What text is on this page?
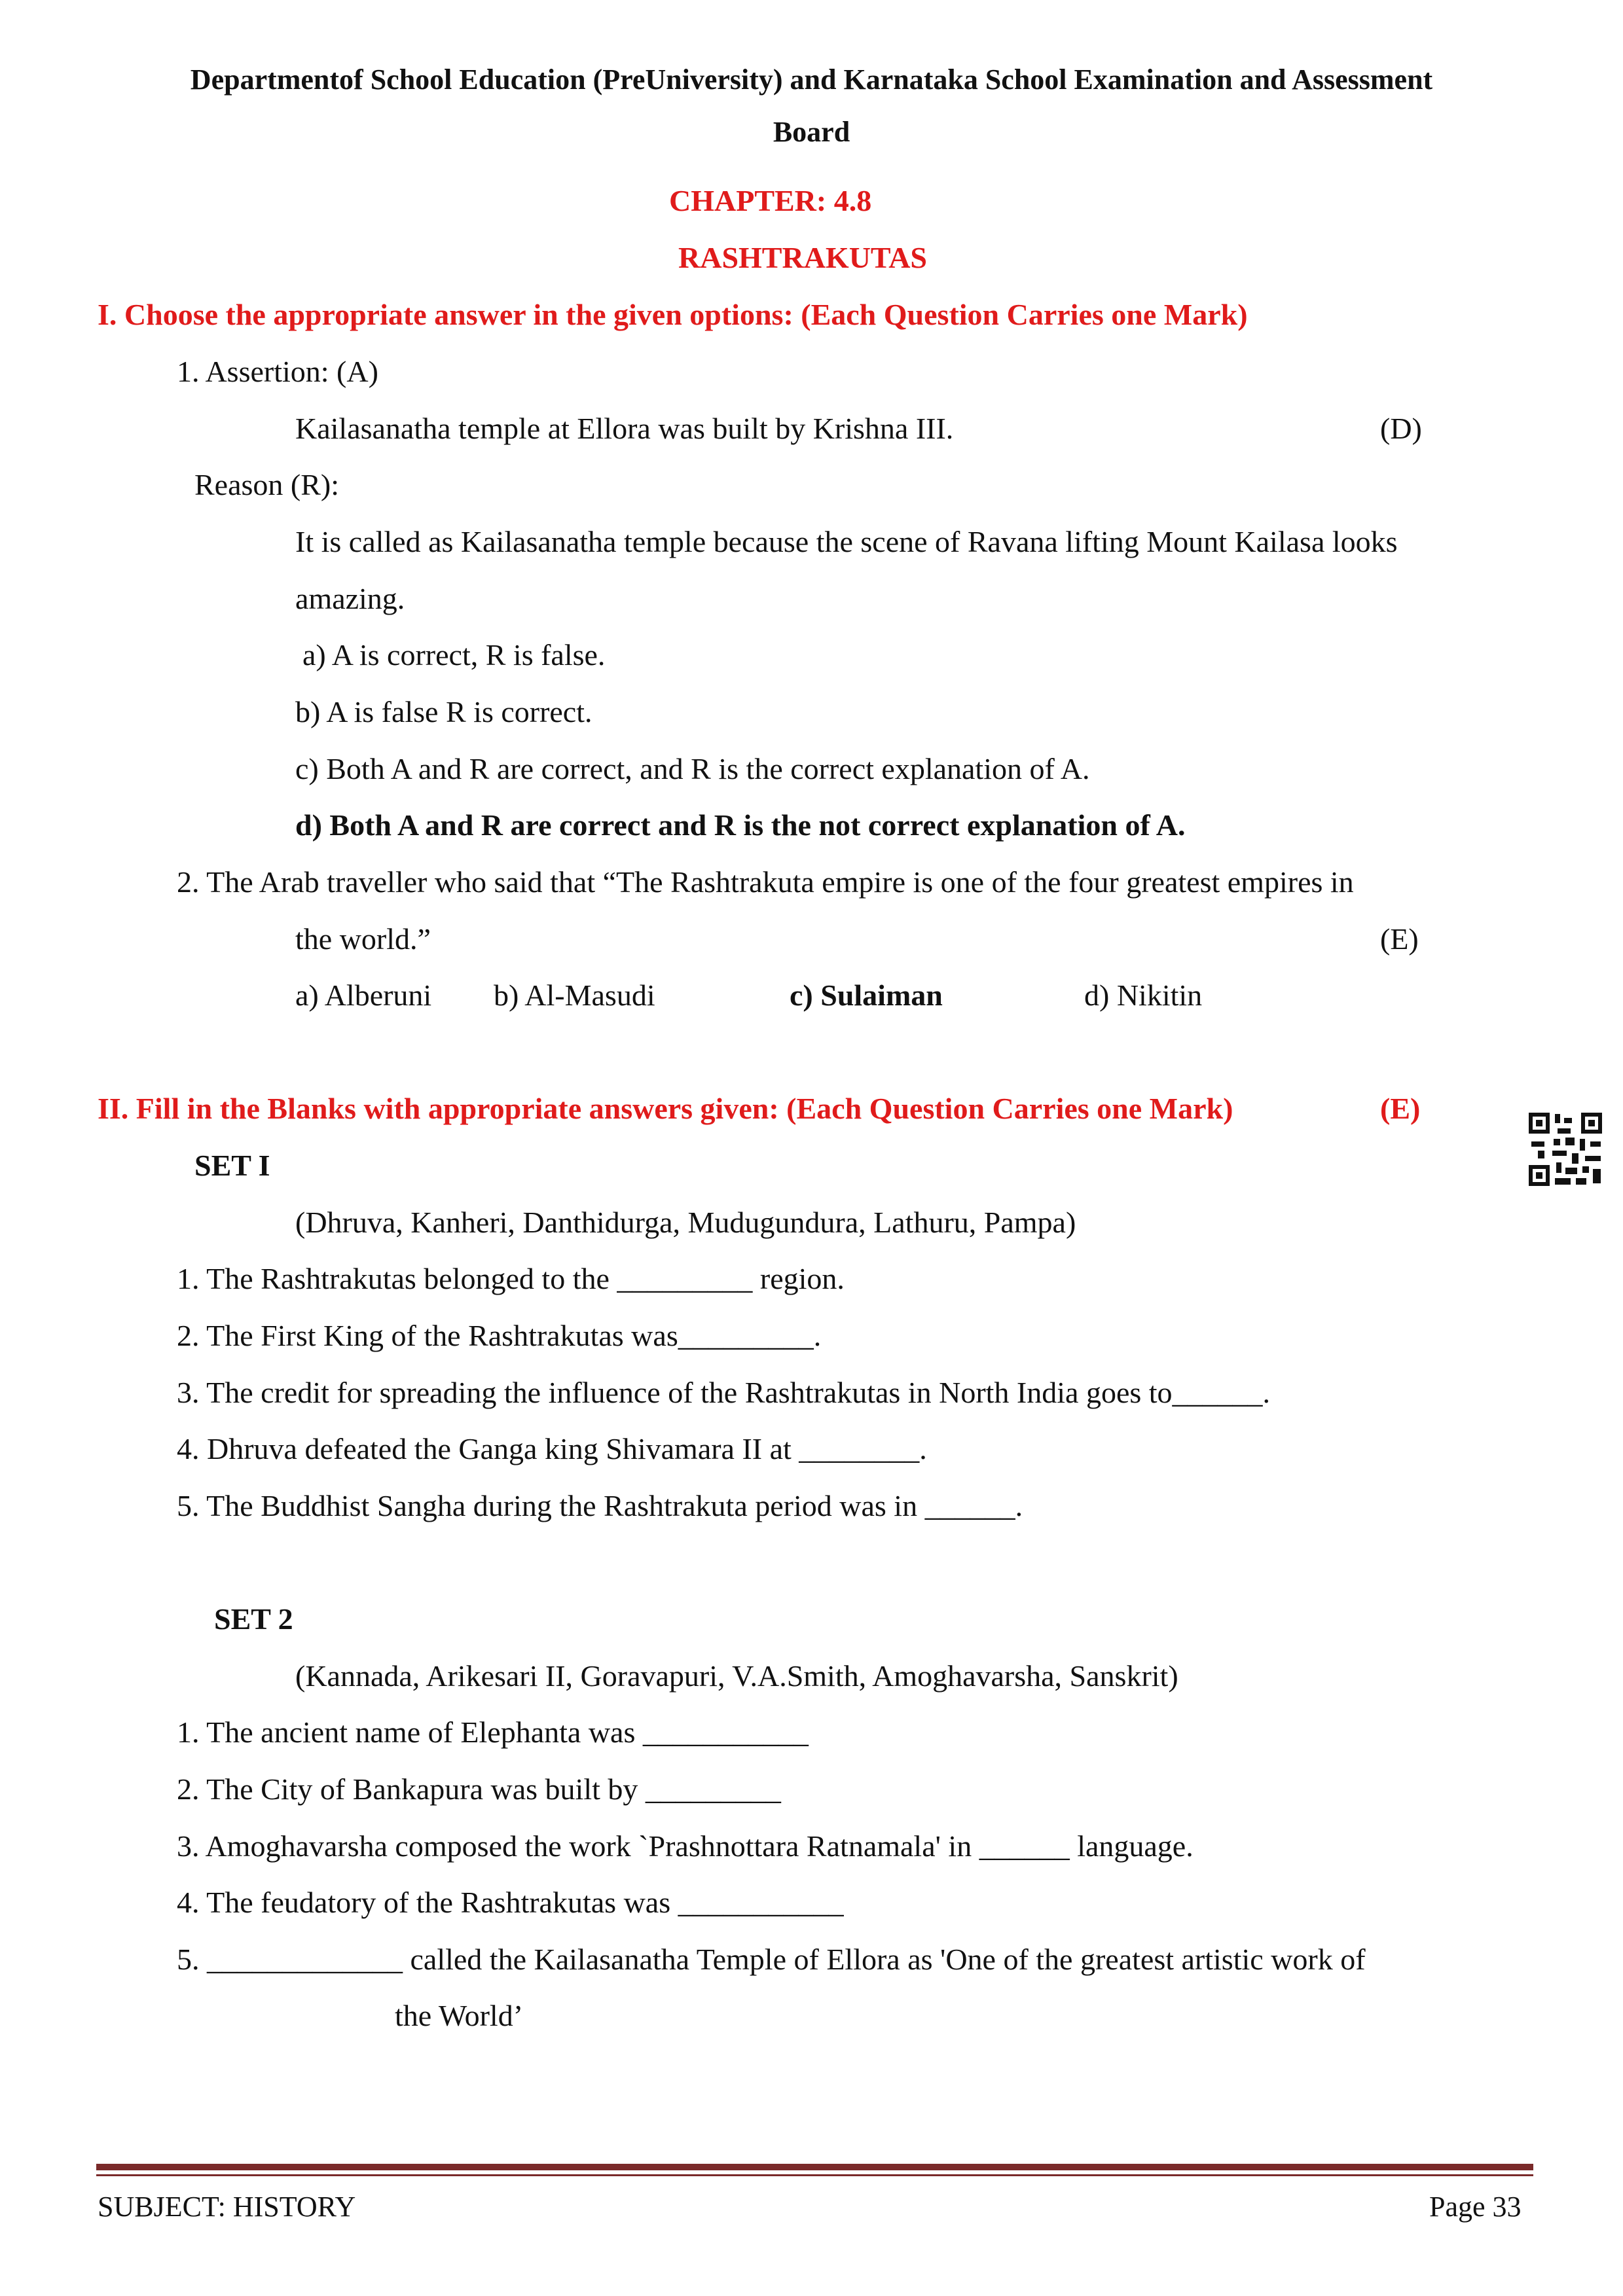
Departmentof School Education (PreUniversity) and Karnataka School Examination and Assessment
Board
CHAPTER: 4.8
RASHTRAKUTAS
I. Choose the appropriate answer in the given options: (Each Question Carries one Mark)
1. Assertion: (A)
Kailasanatha temple at Ellora was built by Krishna III.	(D)
Reason (R):
It is called as Kailasanatha temple because the scene of Ravana lifting Mount Kailasa looks
amazing.
a) A is correct, R is false.
b) A is false R is correct.
c) Both A and R are correct, and R is the correct explanation of A.
d) Both A and R are correct and R is the not correct explanation of A.
2. The Arab traveller who said that “The Rashtrakuta empire is one of the four greatest empires in
the world.”	(E)
a) Alberuni b) Al-Masudi	c) Sulaiman	d) Nikitin
II. Fill in the Blanks with appropriate answers given: (Each Question Carries one Mark)	(E)
SET I
(Dhruva, Kanheri, Danthidurga, Mudugundura, Lathuru, Pampa)
1. The Rashtrakutas belonged to the _________ region.
2. The First King of the Rashtrakutas was_________.
3. The credit for spreading the influence of the Rashtrakutas in North India goes to______.
4. Dhruva defeated the Ganga king Shivamara II at ________.
5. The Buddhist Sangha during the Rashtrakuta period was in ______.
SET 2
(Kannada, Arikesari II, Goravapuri, V.A.Smith, Amoghavarsha, Sanskrit)
1. The ancient name of Elephanta was ___________
2. The City of Bankapura was built by _________
3. Amoghavarsha composed the work `Prashnottara Ratnamala' in ______ language.
4. The feudatory of the Rashtrakutas was ___________
5. _____________ called the Kailasanatha Temple of Ellora as 'One of the greatest artistic work of
the World’
SUBJECT: HISTORY	Page 33
